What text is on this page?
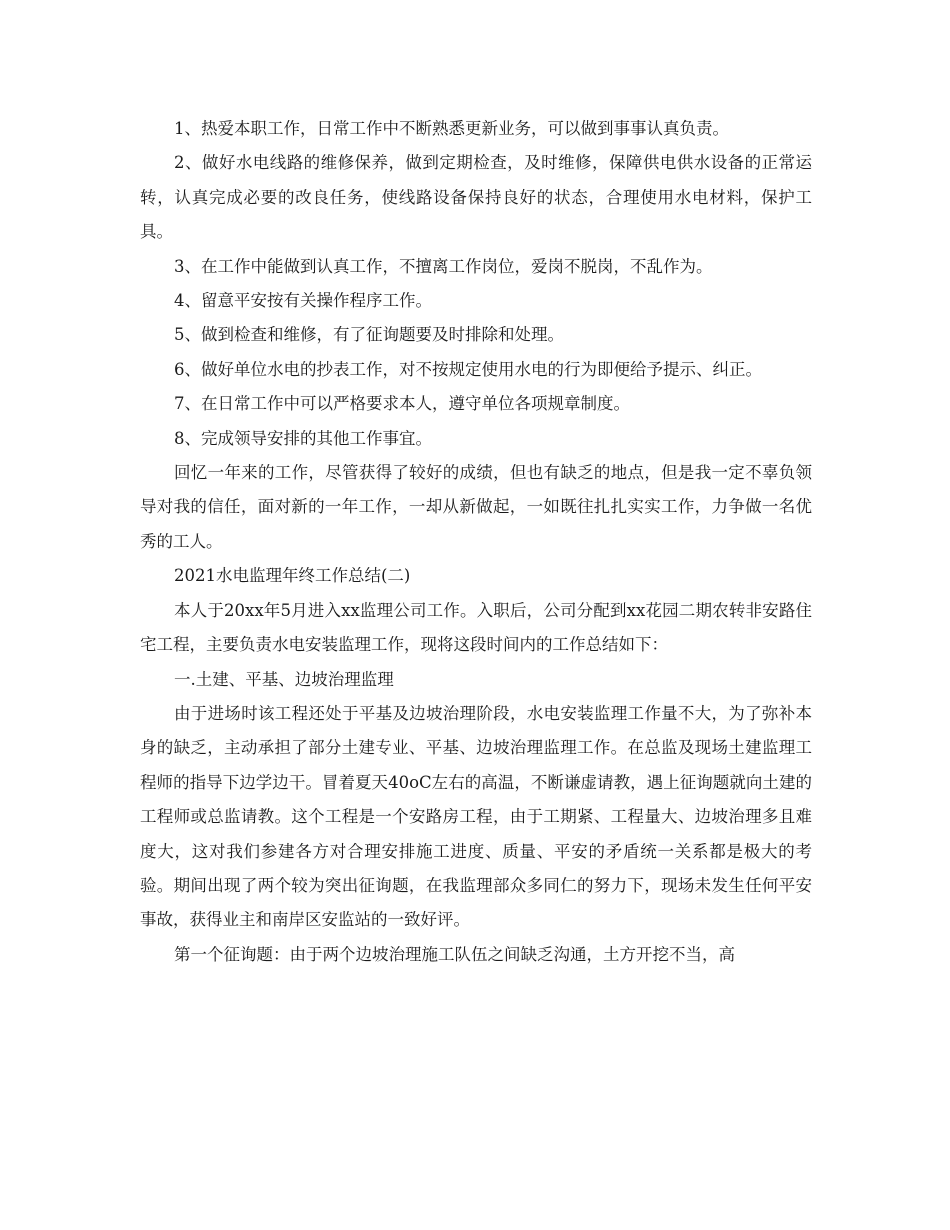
1、热爱本职工作，日常工作中不断熟悉更新业务，可以做到事事认真负责。

2、做好水电线路的维修保养，做到定期检查，及时维修，保障供电供水设备的正常运转，认真完成必要的改良任务，使线路设备保持良好的状态，合理使用水电材料，保护工具。

3、在工作中能做到认真工作，不擅离工作岗位，爱岗不脱岗，不乱作为。

4、留意平安按有关操作程序工作。

5、做到检查和维修，有了征询题要及时排除和处理。

6、做好单位水电的抄表工作，对不按规定使用水电的行为即便给予提示、纠正。

7、在日常工作中可以严格要求本人，遵守单位各项规章制度。

8、完成领导安排的其他工作事宜。

回忆一年来的工作，尽管获得了较好的成绩，但也有缺乏的地点，但是我一定不辜负领导对我的信任，面对新的一年工作，一却从新做起，一如既往扎扎实实工作，力争做一名优秀的工人。

2021水电监理年终工作总结(二)

本人于20xx年5月进入xx监理公司工作。入职后，公司分配到xx花园二期农转非安路住宅工程，主要负责水电安装监理工作，现将这段时间内的工作总结如下：

一.土建、平基、边坡治理监理

由于进场时该工程还处于平基及边坡治理阶段，水电安装监理工作量不大，为了弥补本身的缺乏，主动承担了部分土建专业、平基、边坡治理监理工作。在总监及现场土建监理工程师的指导下边学边干。冒着夏天40oC左右的高温，不断谦虚请教，遇上征询题就向土建的工程师或总监请教。这个工程是一个安路房工程，由于工期紧、工程量大、边坡治理多且难度大，这对我们参建各方对合理安排施工进度、质量、平安的矛盾统一关系都是极大的考验。期间出现了两个较为突出征询题，在我监理部众多同仁的努力下，现场未发生任何平安事故，获得业主和南岸区安监站的一致好评。

第一个征询题：由于两个边坡治理施工队伍之间缺乏沟通，土方开挖不当，高
